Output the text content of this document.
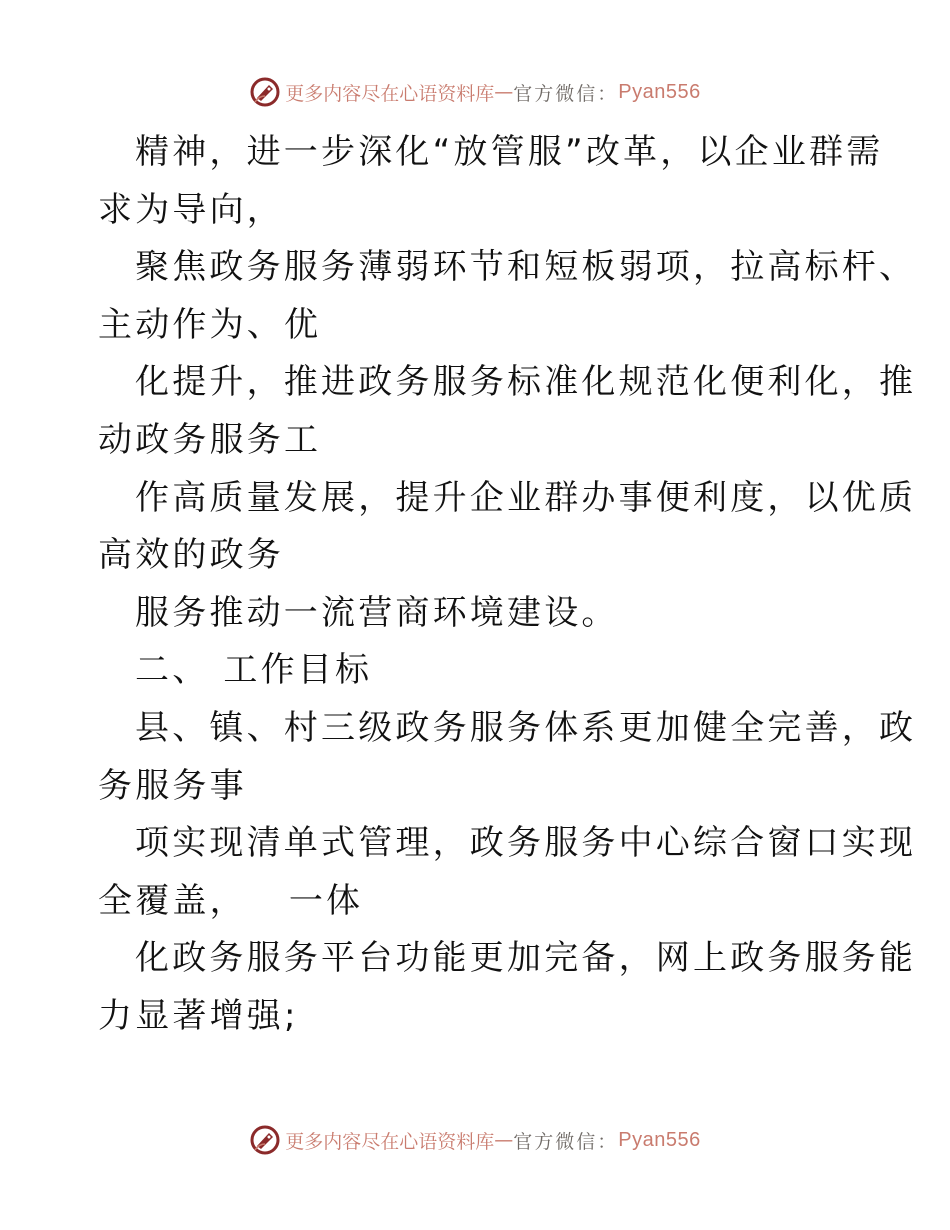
更多内容尽在心语资料库 — 官方微信： Pyan556
精神，进一步深化“放管服”改革，以企业群需
求为导向，
聚焦政务服务薄弱环节和短板弱项，拉高标杆、
主动作为、优
化提升，推进政务服务标准化规范化便利化，推
动政务服务工
作高质量发展，提升企业群办事便利度，以优质
高效的政务
服务推动一流营商环境建设。
二、 工作目标
县、镇、村三级政务服务体系更加健全完善，政
务服务事
项实现清单式管理，政务服务中心综合窗口实现
全覆盖，   一体
化政务服务平台功能更加完备，网上政务服务能
力显著增强;
更多内容尽在心语资料库 — 官方微信： Pyan556
